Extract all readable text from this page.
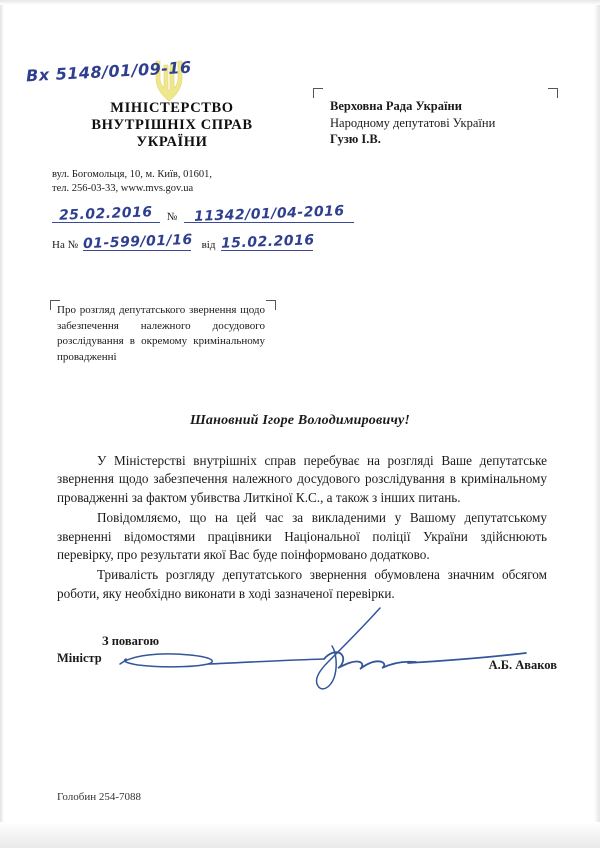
Вх 5148/01/09-16
МІНІСТЕРСТВО
ВНУТРІШНІХ СПРАВ
УКРАЇНИ
вул. Богомольця, 10, м. Київ, 01601,
тел. 256-03-33, www.mvs.gov.ua
25.02.2016 № 11342/01/04-2016
На № 01-599/01/16 від 15.02.2016
Верховна Рада України
Народному депутатові України
Гузю І.В.

Про розгляд депутатського звернення щодо забезпечення належного досудового розслідування в окремому кримінальному провадженні

Шановний Ігоре Володимировичу!

У Міністерстві внутрішніх справ перебуває на розгляді Ваше депутатське звернення щодо забезпечення належного досудового розслідування в кримінальному провадженні за фактом убивства Литкіної К.С., а також з інших питань.

Повідомляємо, що на цей час за викладеними у Вашому депутатському зверненні відомостями працівники Національної поліції України здійснюють перевірку, про результати якої Вас буде поінформовано додатково.

Тривалість розгляду депутатського звернення обумовлена значним обсягом роботи, яку необхідно виконати в ході зазначеної перевірки.

З повагою
Міністр	А.Б. Аваков
Голобин 254-7088
